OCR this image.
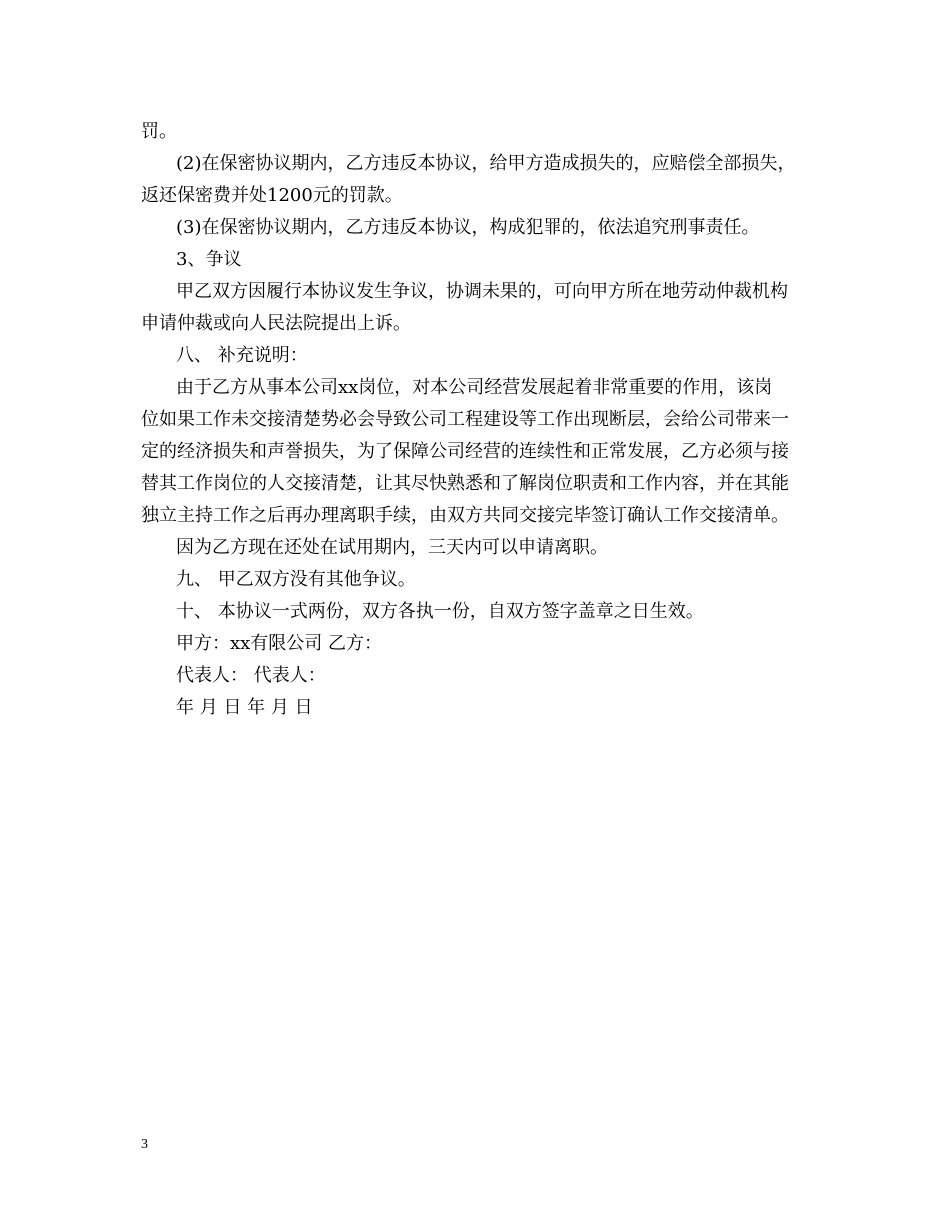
罚。
(2)在保密协议期内，乙方违反本协议，给甲方造成损失的，应赔偿全部损失，
返还保密费并处1200元的罚款。
(3)在保密协议期内，乙方违反本协议，构成犯罪的，依法追究刑事责任。
3、争议
甲乙双方因履行本协议发生争议，协调未果的，可向甲方所在地劳动仲裁机构
申请仲裁或向人民法院提出上诉。
八、 补充说明：
由于乙方从事本公司xx岗位，对本公司经营发展起着非常重要的作用，该岗
位如果工作未交接清楚势必会导致公司工程建设等工作出现断层，会给公司带来一
定的经济损失和声誉损失，为了保障公司经营的连续性和正常发展，乙方必须与接
替其工作岗位的人交接清楚，让其尽快熟悉和了解岗位职责和工作内容，并在其能
独立主持工作之后再办理离职手续，由双方共同交接完毕签订确认工作交接清单。
因为乙方现在还处在试用期内，三天内可以申请离职。
九、 甲乙双方没有其他争议。
十、 本协议一式两份，双方各执一份，自双方签字盖章之日生效。
甲方：xx有限公司 乙方：
代表人： 代表人：
年 月 日 年 月 日
3
